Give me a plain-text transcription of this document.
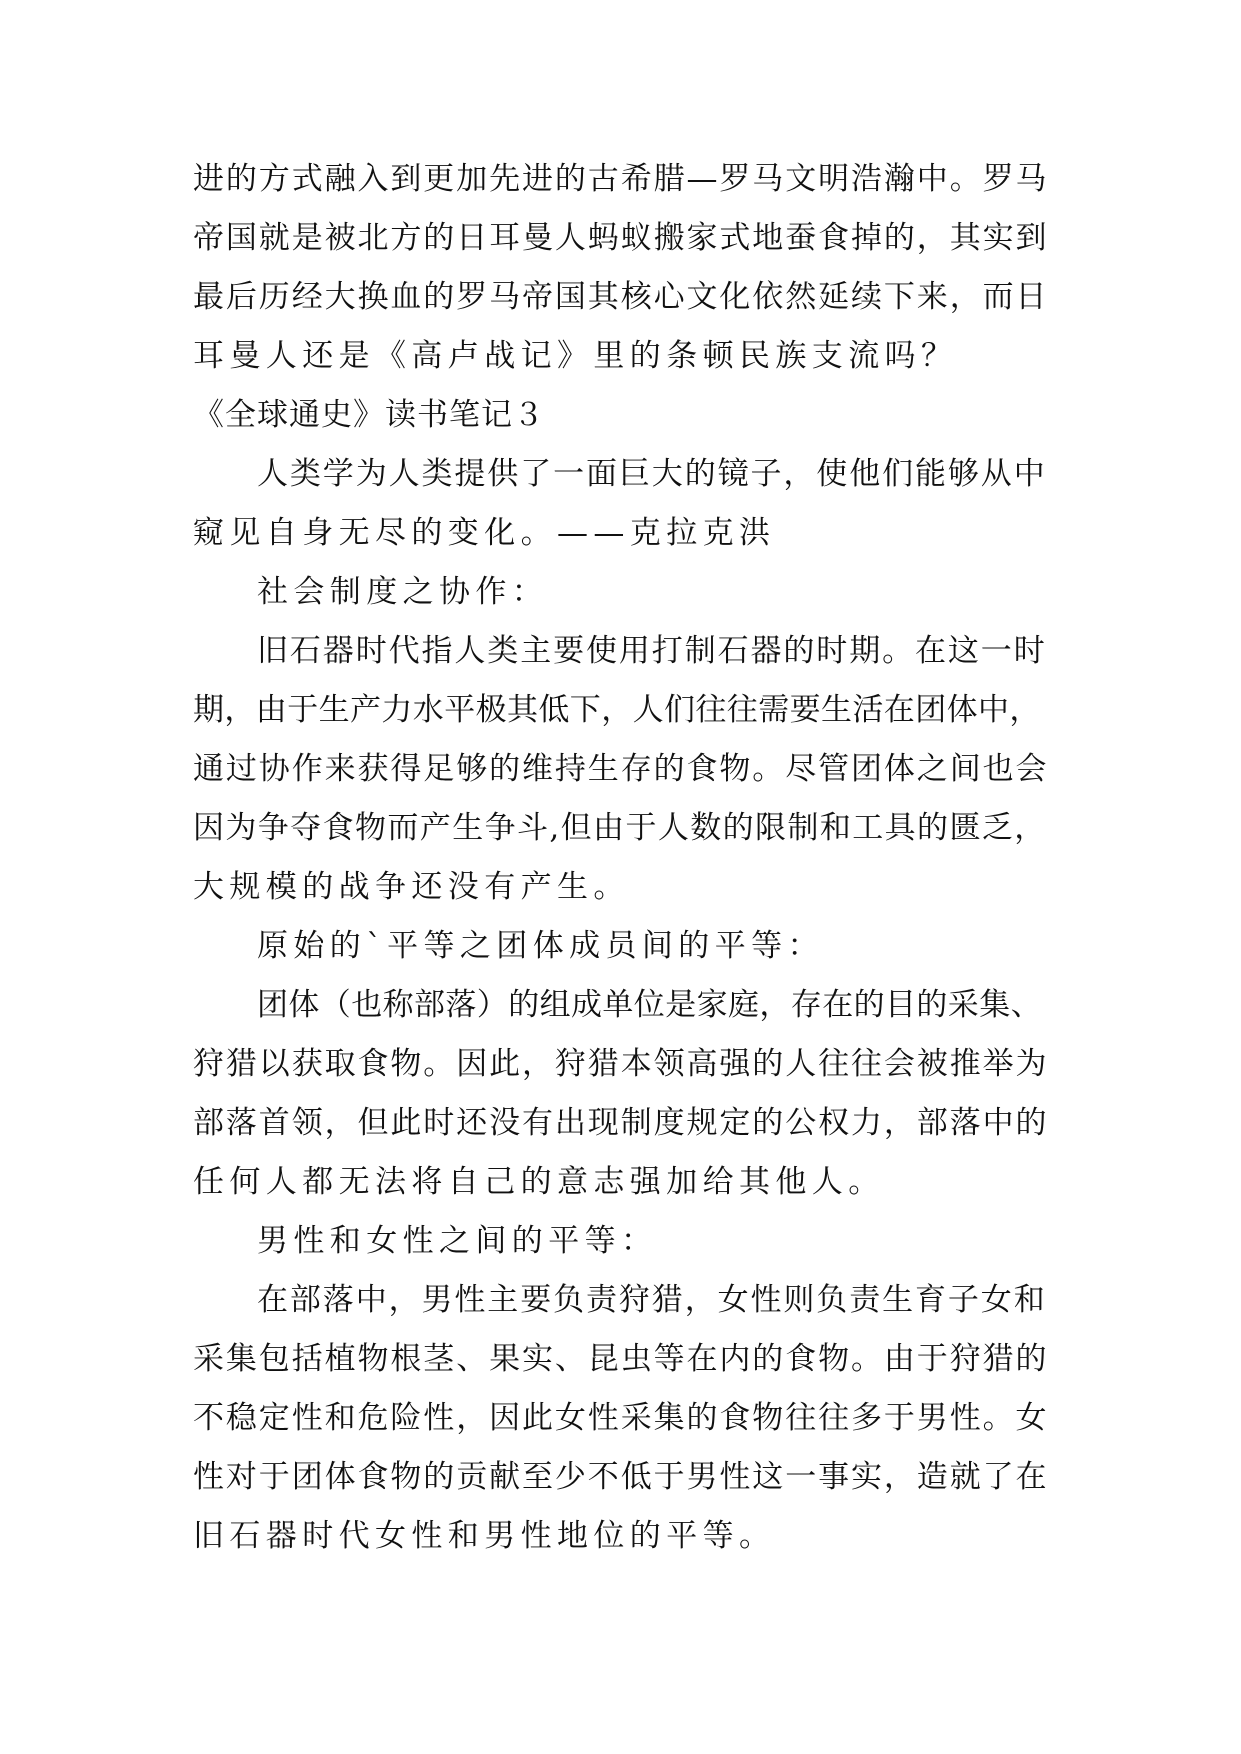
进的方式融入到更加先进的古希腊—罗马文明浩瀚中。罗马
帝国就是被北方的日耳曼人蚂蚁搬家式地蚕食掉的，其实到
最后历经大换血的罗马帝国其核心文化依然延续下来，而日
耳曼人还是《高卢战记》里的条顿民族支流吗？
《全球通史》读书笔记３
人类学为人类提供了一面巨大的镜子，使他们能够从中
窥见自身无尽的变化。——克拉克洪
社会制度之协作：
旧石器时代指人类主要使用打制石器的时期。在这一时
期，由于生产力水平极其低下，人们往往需要生活在团体中，
通过协作来获得足够的维持生存的食物。尽管团体之间也会
因为争夺食物而产生争斗,但由于人数的限制和工具的匮乏，
大规模的战争还没有产生。
原始的`平等之团体成员间的平等：
团体（也称部落）的组成单位是家庭，存在的目的采集、
狩猎以获取食物。因此，狩猎本领高强的人往往会被推举为
部落首领，但此时还没有出现制度规定的公权力，部落中的
任何人都无法将自己的意志强加给其他人。
男性和女性之间的平等：
在部落中，男性主要负责狩猎，女性则负责生育子女和
采集包括植物根茎、果实、昆虫等在内的食物。由于狩猎的
不稳定性和危险性，因此女性采集的食物往往多于男性。女
性对于团体食物的贡献至少不低于男性这一事实，造就了在
旧石器时代女性和男性地位的平等。
